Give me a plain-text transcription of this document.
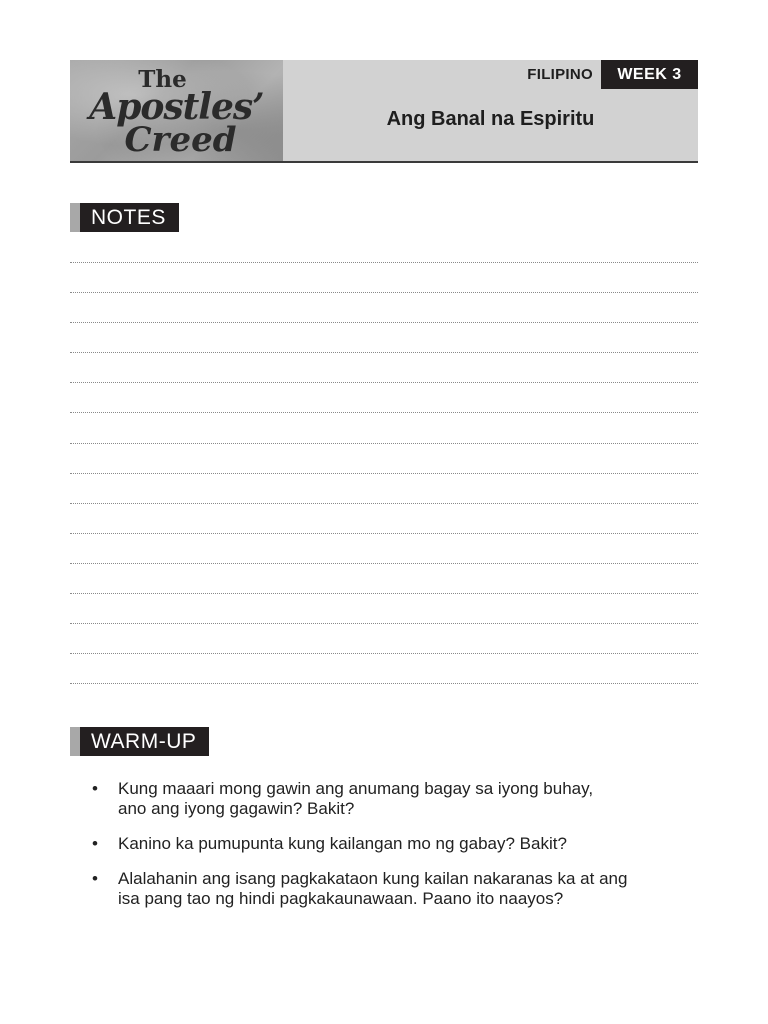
The
Apostles’
Creed
FILIPINO	WEEK 3
Ang Banal na Espiritu
NOTES
WARM-UP
• Kung maaari mong gawin ang anumang bagay sa iyong buhay,
ano ang iyong gagawin? Bakit?
• Kanino ka pumupunta kung kailangan mo ng gabay? Bakit?
• Alalahanin ang isang pagkakataon kung kailan nakaranas ka at ang
isa pang tao ng hindi pagkakaunawaan. Paano ito naayos?
